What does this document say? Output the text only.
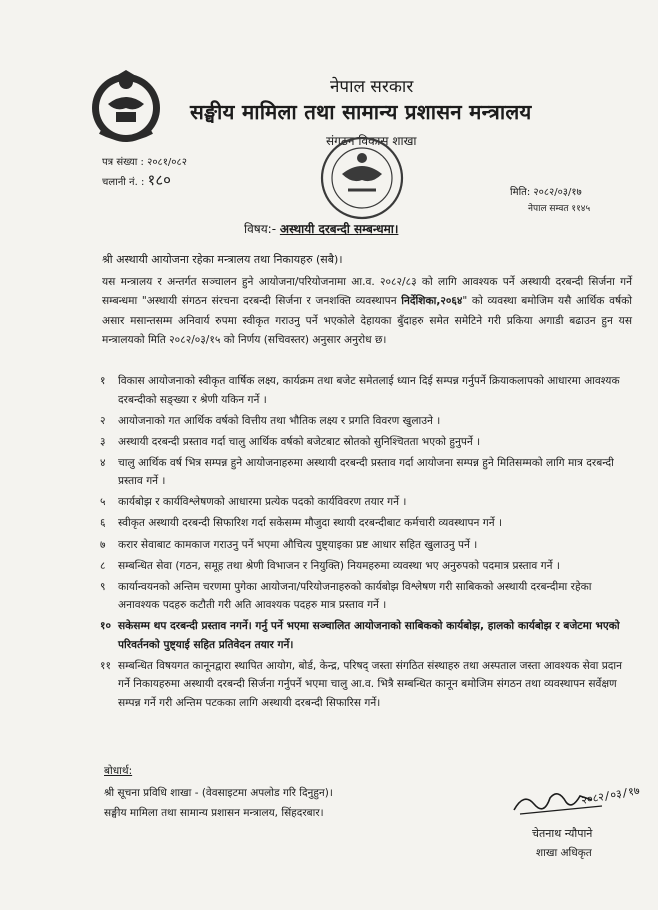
नेपाल सरकार
सङ्घीय मामिला तथा सामान्य प्रशासन मन्त्रालय
संगठन विकास शाखा
पत्र संख्या : २०८१/०८२
चलानी नं. : १८०
मिति: २०८२/०३/१७
नेपाल सम्वत ११४५
विषय:- अस्थायी दरबन्दी सम्बन्धमा।
श्री अस्थायी आयोजना रहेका मन्त्रालय तथा निकायहरु (सबै)।
यस मन्त्रालय र अन्तर्गत सञ्चालन हुने आयोजना/परियोजनामा आ.व. २०८२/८३ को लागि आवश्यक पर्ने अस्थायी दरबन्दी सिर्जना गर्ने सम्बन्धमा "अस्थायी संगठन संरचना दरबन्दी सिर्जना र जनशक्ति व्यवस्थापन निर्देशिका,२०६४" को व्यवस्था बमोजिम यसै आर्थिक वर्षको असार मसान्तसम्म अनिवार्य रुपमा स्वीकृत गराउनु पर्ने भएकोले देहायका बुँदाहरु समेत समेटिने गरी प्रकिया अगाडी बढाउन हुन यस मन्त्रालयको मिति २०८२/०३/१५ को निर्णय (सचिवस्तर) अनुसार अनुरोध छ।
१ विकास आयोजनाको स्वीकृत वार्षिक लक्ष्य, कार्यक्रम तथा बजेट समेतलाई ध्यान दिई सम्पन्न गर्नुपर्ने क्रियाकलापको आधारमा आवश्यक दरबन्दीको सङ्ख्या र श्रेणी यकिन गर्ने ।
२ आयोजनाको गत आर्थिक वर्षको वित्तीय तथा भौतिक लक्ष्य र प्रगति विवरण खुलाउने ।
३ अस्थायी दरबन्दी प्रस्ताव गर्दा चालु आर्थिक वर्षको बजेटबाट स्रोतको सुनिश्चितता भएको हुनुपर्ने ।
४ चालु आर्थिक वर्ष भित्र सम्पन्न हुने आयोजनाहरुमा अस्थायी दरबन्दी प्रस्ताव गर्दा आयोजना सम्पन्न हुने मितिसम्मको लागि मात्र दरबन्दी प्रस्ताव गर्ने ।
५ कार्यबोझ र कार्यविश्लेषणको आधारमा प्रत्येक पदको कार्यविवरण तयार गर्ने ।
६ स्वीकृत अस्थायी दरबन्दी सिफारिश गर्दा सकेसम्म मौजुदा स्थायी दरबन्दीबाट कर्मचारी व्यवस्थापन गर्ने ।
७ करार सेवाबाट कामकाज गराउनु पर्ने भएमा औचित्य पुष्ट्याइका प्रष्ट आधार सहित खुलाउनु पर्ने ।
८ सम्बन्धित सेवा (गठन, समूह तथा श्रेणी विभाजन र नियुक्ति) नियमहरुमा व्यवस्था भए अनुरुपको पदमात्र प्रस्ताव गर्ने ।
९ कार्यान्वयनको अन्तिम चरणमा पुगेका आयोजना/परियोजनाहरुको कार्यबोझ विश्लेषण गरी साबिकको अस्थायी दरबन्दीमा रहेका अनावश्यक पदहरु कटौती गरी अति आवश्यक पदहरु मात्र प्रस्ताव गर्ने ।
१० सकेसम्म थप दरबन्दी प्रस्ताव नगर्ने। गर्नु पर्ने भएमा सञ्चालित आयोजनाको साबिकको कार्यबोझ, हालको कार्यबोझ र बजेटमा भएको परिवर्तनको पुष्ट्याई सहित प्रतिवेदन तयार गर्ने।
११ सम्बन्धित विषयगत कानूनद्वारा स्थापित आयोग, बोर्ड, केन्द्र, परिषद् जस्ता संगठित संस्थाहरु तथा अस्पताल जस्ता आवश्यक सेवा प्रदान गर्ने निकायहरुमा अस्थायी दरबन्दी सिर्जना गर्नुपर्ने भएमा चालु आ.व. भित्रै सम्बन्धित कानून बमोजिम संगठन तथा व्यवस्थापन सर्वेक्षण सम्पन्न गर्ने गरी अन्तिम पटकका लागि अस्थायी दरबन्दी सिफारिस गर्ने।
बोधार्थ:
श्री सूचना प्रविधि शाखा - (वेवसाइटमा अपलोड गरि दिनुहुन)।
सङ्घीय मामिला तथा सामान्य प्रशासन मन्त्रालय, सिंहदरबार।
२०८२/०३/१७
चेतनाथ न्यौपाने
शाखा अधिकृत
